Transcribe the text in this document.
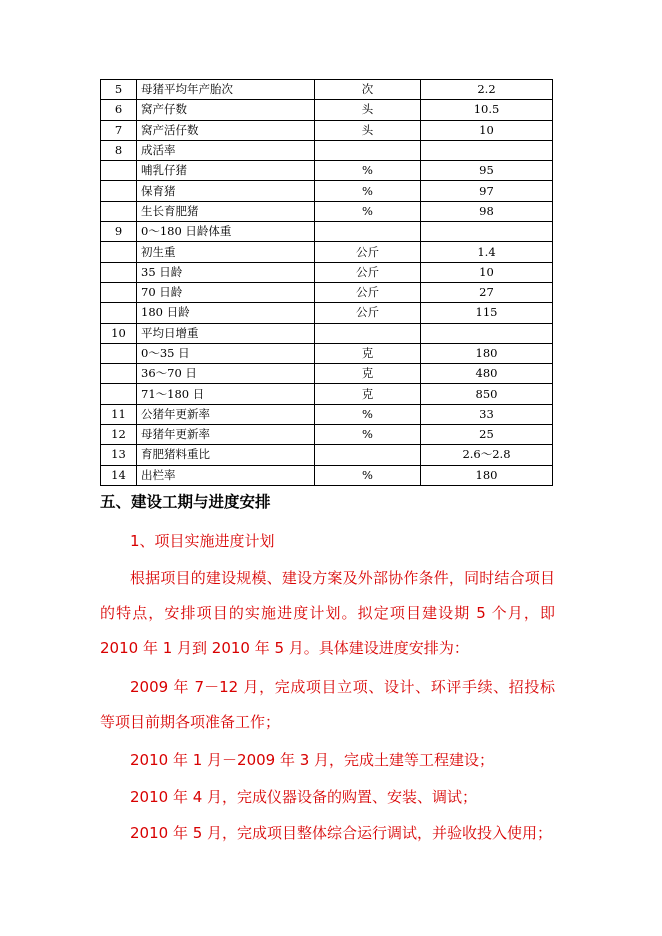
5	母猪平均年产胎次	次	2.2
6	窝产仔数	头	10.5
7	窝产活仔数	头	10
8	成活率		
	哺乳仔猪	%	95
	保育猪	%	97
	生长育肥猪	%	98
9	0～180 日龄体重		
	初生重	公斤	1.4
	35 日龄	公斤	10
	70 日龄	公斤	27
	180 日龄	公斤	115
10	平均日增重		
	0～35 日	克	180
	36～70 日	克	480
	71～180 日	克	850
11	公猪年更新率	%	33
12	母猪年更新率	%	25
13	育肥猪料重比		2.6～2.8
14	出栏率	%	180
五、建设工期与进度安排
1、项目实施进度计划
根据项目的建设规模、建设方案及外部协作条件，同时结合项目的特点，安排项目的实施进度计划。拟定项目建设期 5 个月，即 2010 年 1 月到 2010 年 5 月。具体建设进度安排为：
2009 年 7－12 月，完成项目立项、设计、环评手续、招投标等项目前期各项准备工作；
2010 年 1 月－2009 年 3 月，完成土建等工程建设；
2010 年 4 月，完成仪器设备的购置、安装、调试；
2010 年 5 月，完成项目整体综合运行调试，并验收投入使用；
